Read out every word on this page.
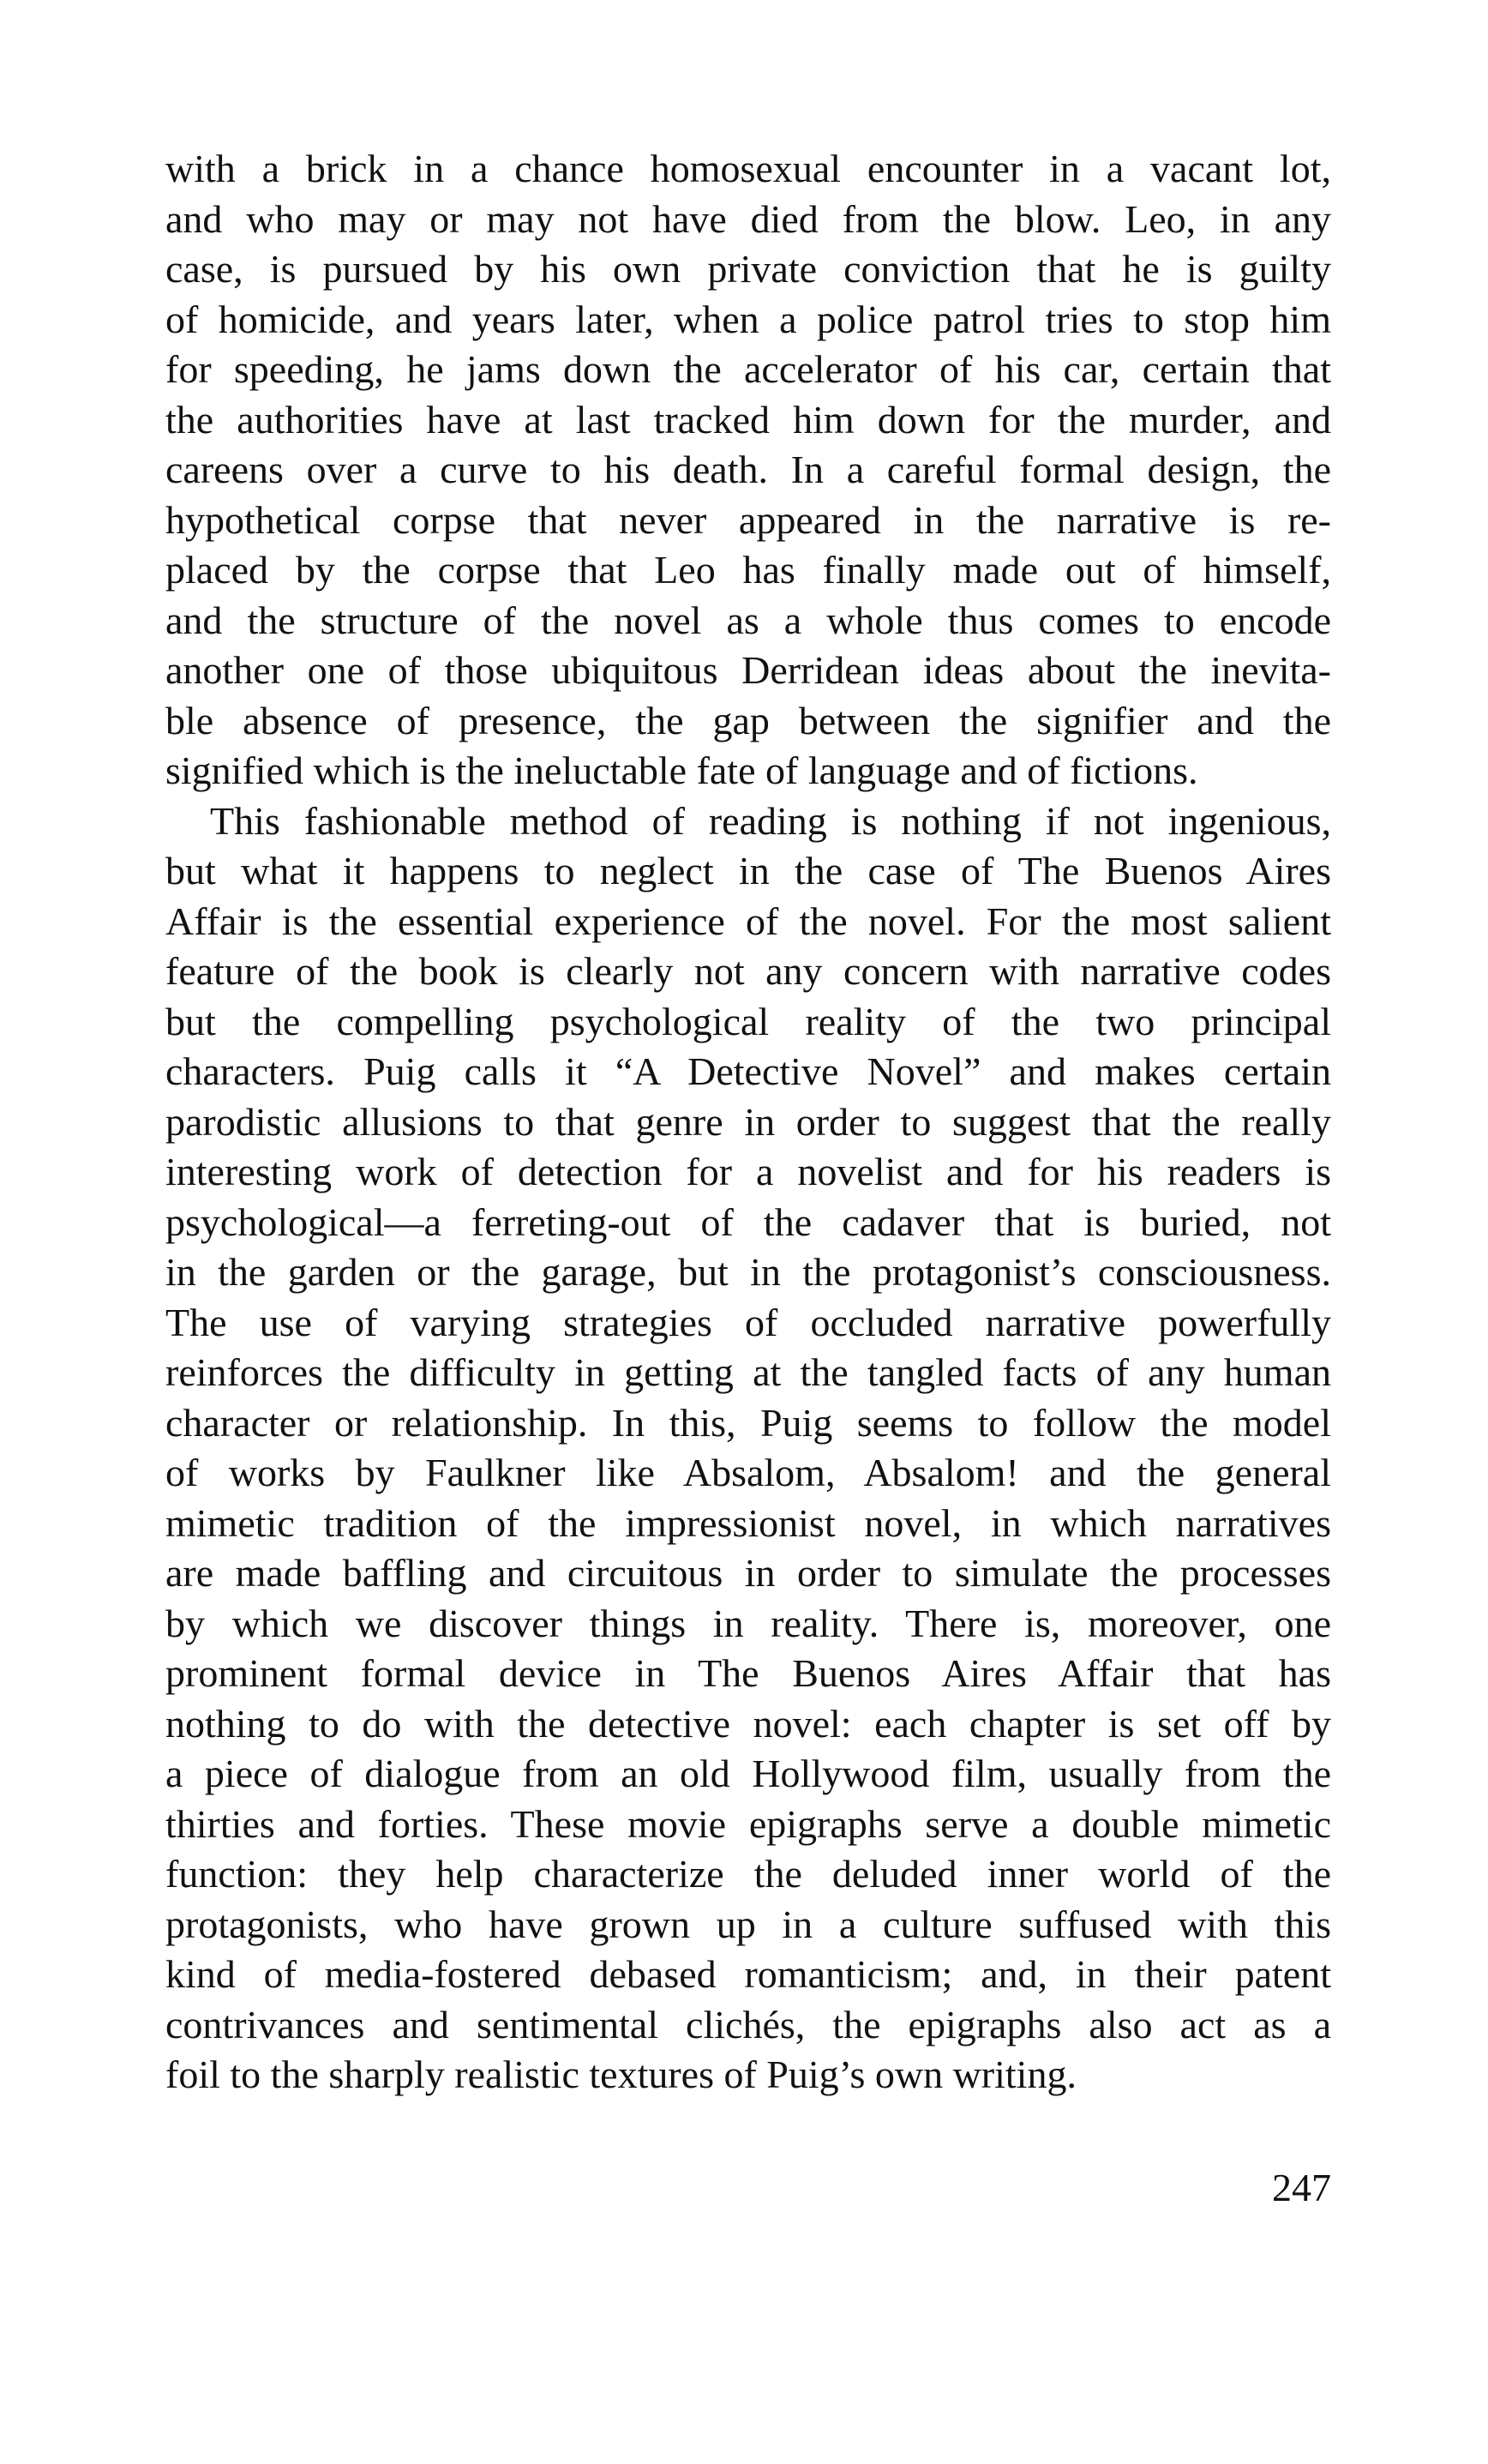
with a brick in a chance homosexual encounter in a vacant lot,
and who may or may not have died from the blow. Leo, in any
case, is pursued by his own private conviction that he is guilty
of homicide, and years later, when a police patrol tries to stop him
for speeding, he jams down the accelerator of his car, certain that
the authorities have at last tracked him down for the murder, and
careens over a curve to his death. In a careful formal design, the
hypothetical corpse that never appeared in the narrative is re-
placed by the corpse that Leo has finally made out of himself,
and the structure of the novel as a whole thus comes to encode
another one of those ubiquitous Derridean ideas about the inevita-
ble absence of presence, the gap between the signifier and the
signified which is the ineluctable fate of language and of fictions.
This fashionable method of reading is nothing if not ingenious,
but what it happens to neglect in the case of The Buenos Aires
Affair is the essential experience of the novel. For the most salient
feature of the book is clearly not any concern with narrative codes
but the compelling psychological reality of the two principal
characters. Puig calls it “A Detective Novel” and makes certain
parodistic allusions to that genre in order to suggest that the really
interesting work of detection for a novelist and for his readers is
psychological—a ferreting-out of the cadaver that is buried, not
in the garden or the garage, but in the protagonist’s consciousness.
The use of varying strategies of occluded narrative powerfully
reinforces the difficulty in getting at the tangled facts of any human
character or relationship. In this, Puig seems to follow the model
of works by Faulkner like Absalom, Absalom! and the general
mimetic tradition of the impressionist novel, in which narratives
are made baffling and circuitous in order to simulate the processes
by which we discover things in reality. There is, moreover, one
prominent formal device in The Buenos Aires Affair that has
nothing to do with the detective novel: each chapter is set off by
a piece of dialogue from an old Hollywood film, usually from the
thirties and forties. These movie epigraphs serve a double mimetic
function: they help characterize the deluded inner world of the
protagonists, who have grown up in a culture suffused with this
kind of media-fostered debased romanticism; and, in their patent
contrivances and sentimental clichés, the epigraphs also act as a
foil to the sharply realistic textures of Puig’s own writing.
247
